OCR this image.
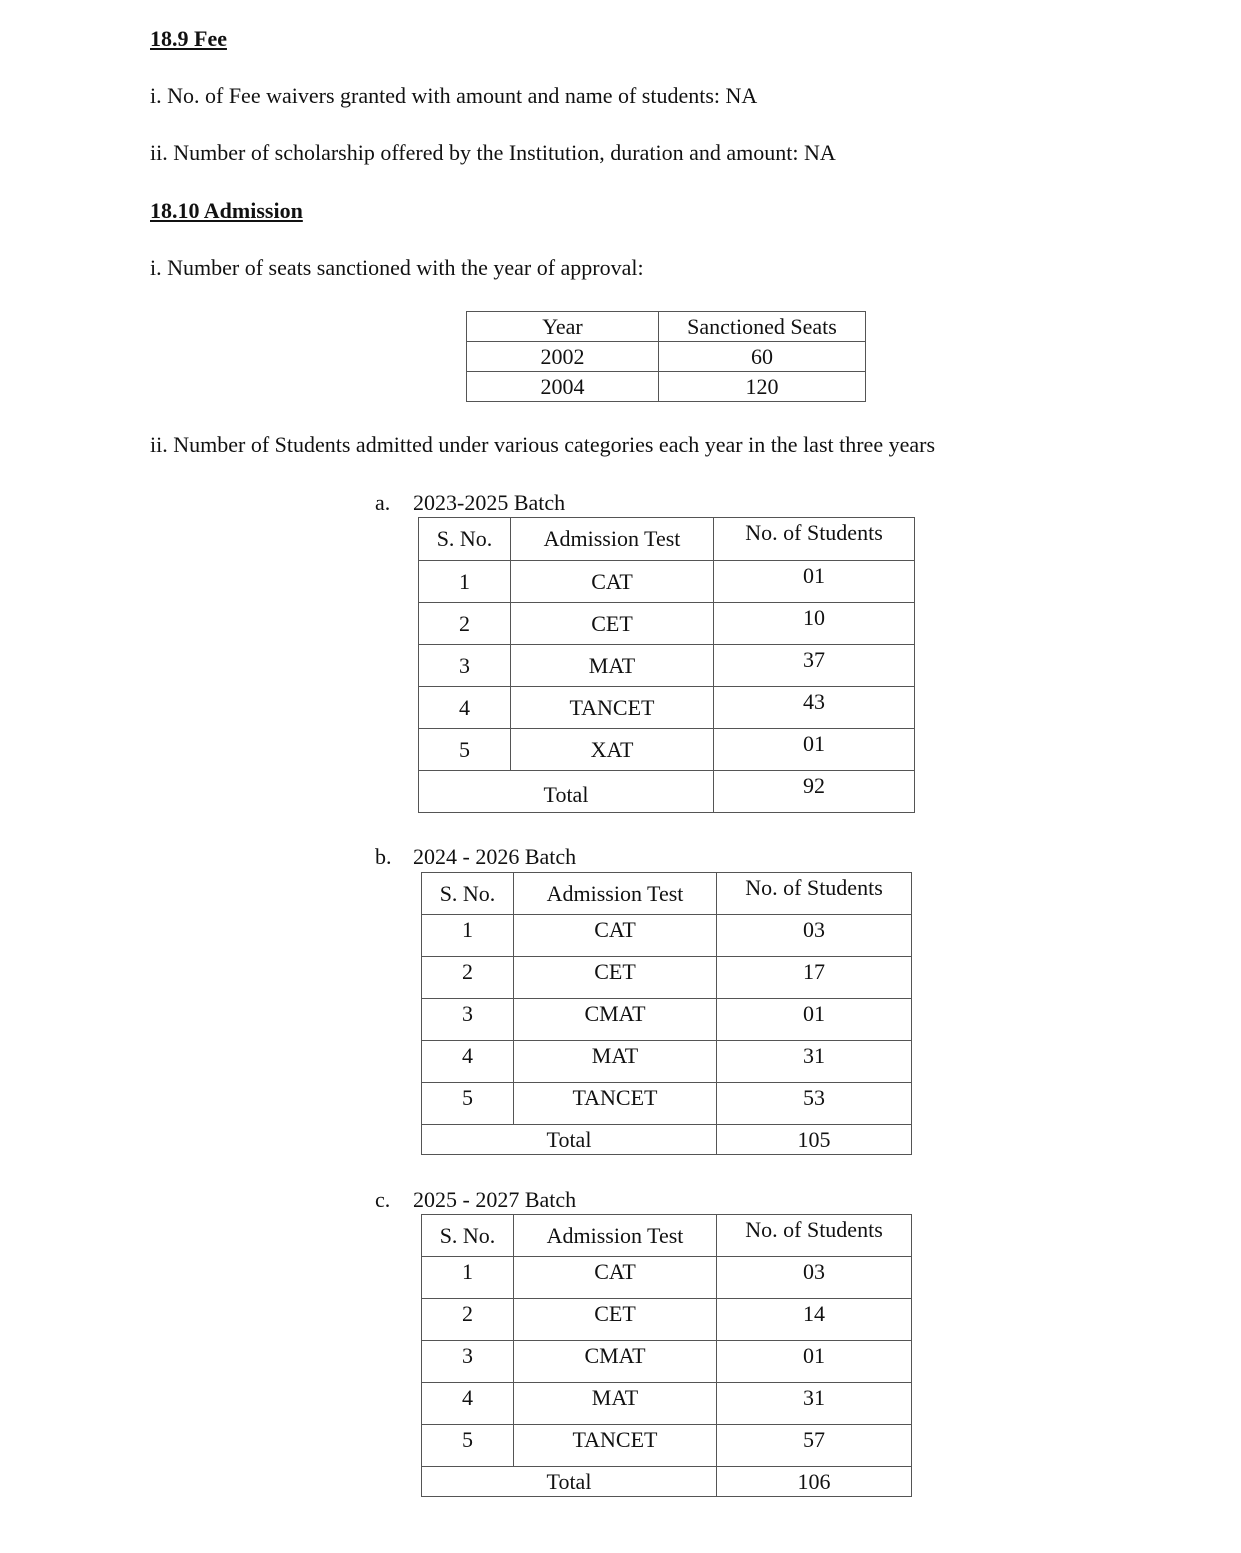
18.9 Fee
i. No. of Fee waivers granted with amount and name of students: NA
ii. Number of scholarship offered by the Institution, duration and amount: NA
18.10 Admission
i. Number of seats sanctioned with the year of approval:
Year	Sanctioned Seats
2002	60
2004	120
ii. Number of Students admitted under various categories each year in the last three years
a. 2023-2025 Batch
S. No.	Admission Test	No. of Students
1	CAT	01
2	CET	10
3	MAT	37
4	TANCET	43
5	XAT	01
Total		92
b. 2024 - 2026 Batch
S. No.	Admission Test	No. of Students
1	CAT	03
2	CET	17
3	CMAT	01
4	MAT	31
5	TANCET	53
Total		105
c. 2025 - 2027 Batch
S. No.	Admission Test	No. of Students
1	CAT	03
2	CET	14
3	CMAT	01
4	MAT	31
5	TANCET	57
Total		106
